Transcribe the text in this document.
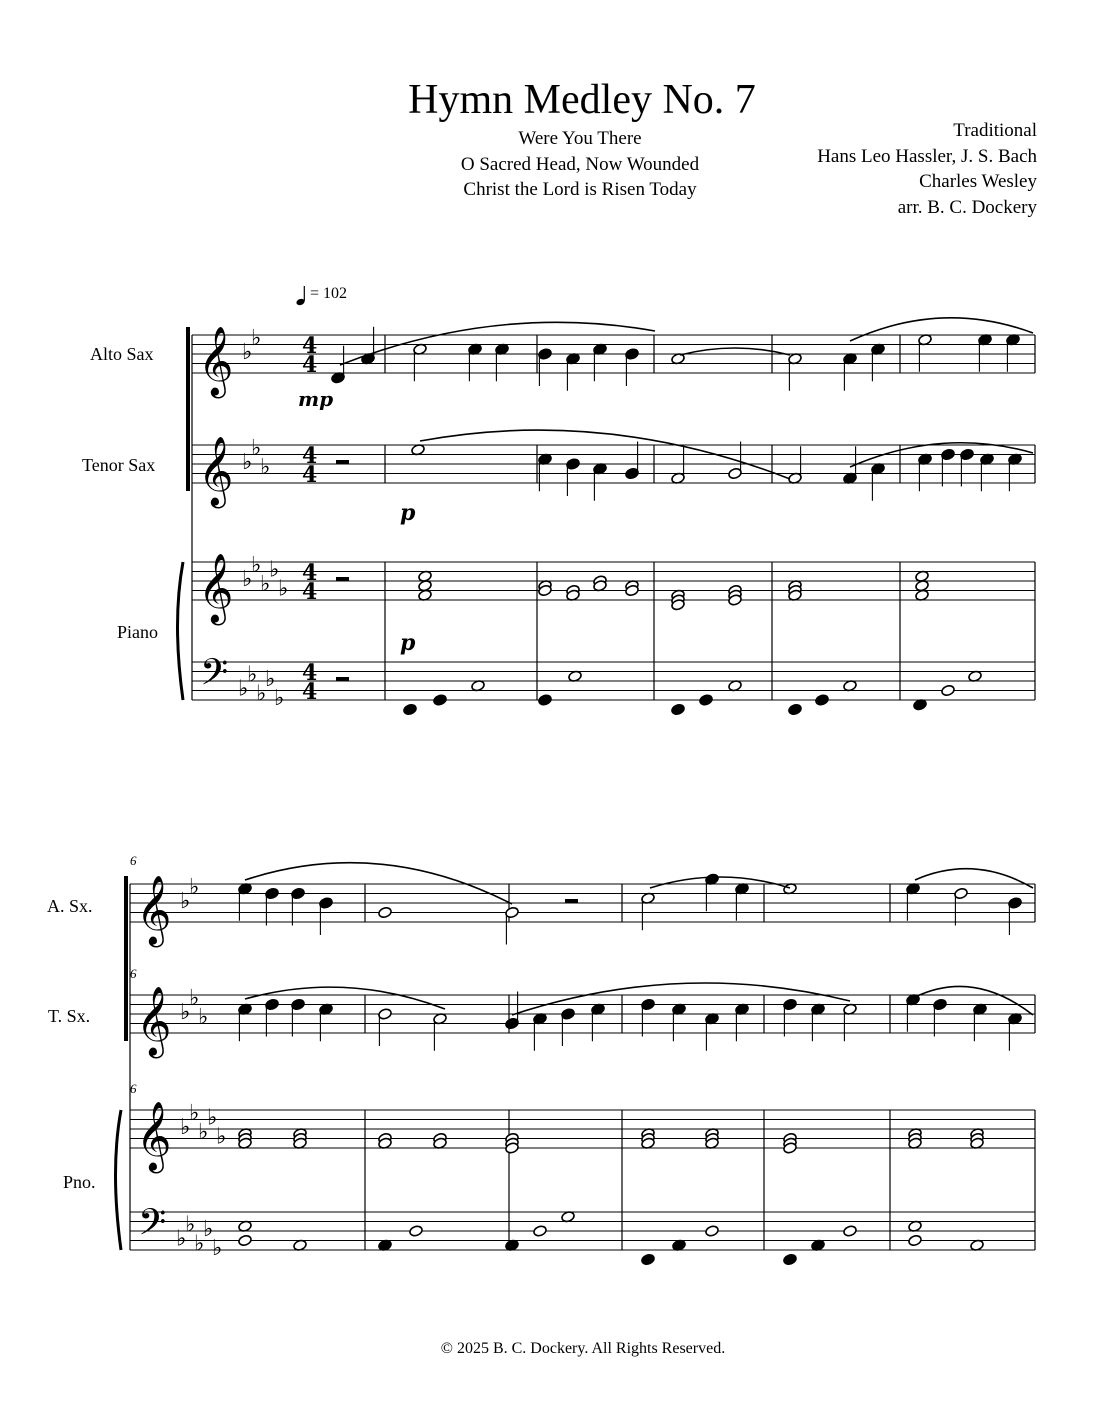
Hymn Medley No. 7
Were You There
O Sacred Head, Now Wounded
Christ the Lord is Risen Today
Traditional
Hans Leo Hassler, J. S. Bach
Charles Wesley
arr. B. C. Dockery
= 102
Alto Sax
Tenor Sax
Piano
A. Sx.
T. Sx.
Pno.
𝄞
𝄞
𝄞
𝄢
♭
♭
♭
♭
♭
♭
♭
♭
♭
♭
♭
♭
♭
♭
♭
4
4
4
4
4
4
4
4
𝄞
𝄞
𝄞
𝄢
♭
♭
♭
♭
♭
♭
♭
♭
♭
♭
♭
♭
♭
♭
♭
mp
p
p
6
6
6
© 2025 B. C. Dockery. All Rights Reserved.
